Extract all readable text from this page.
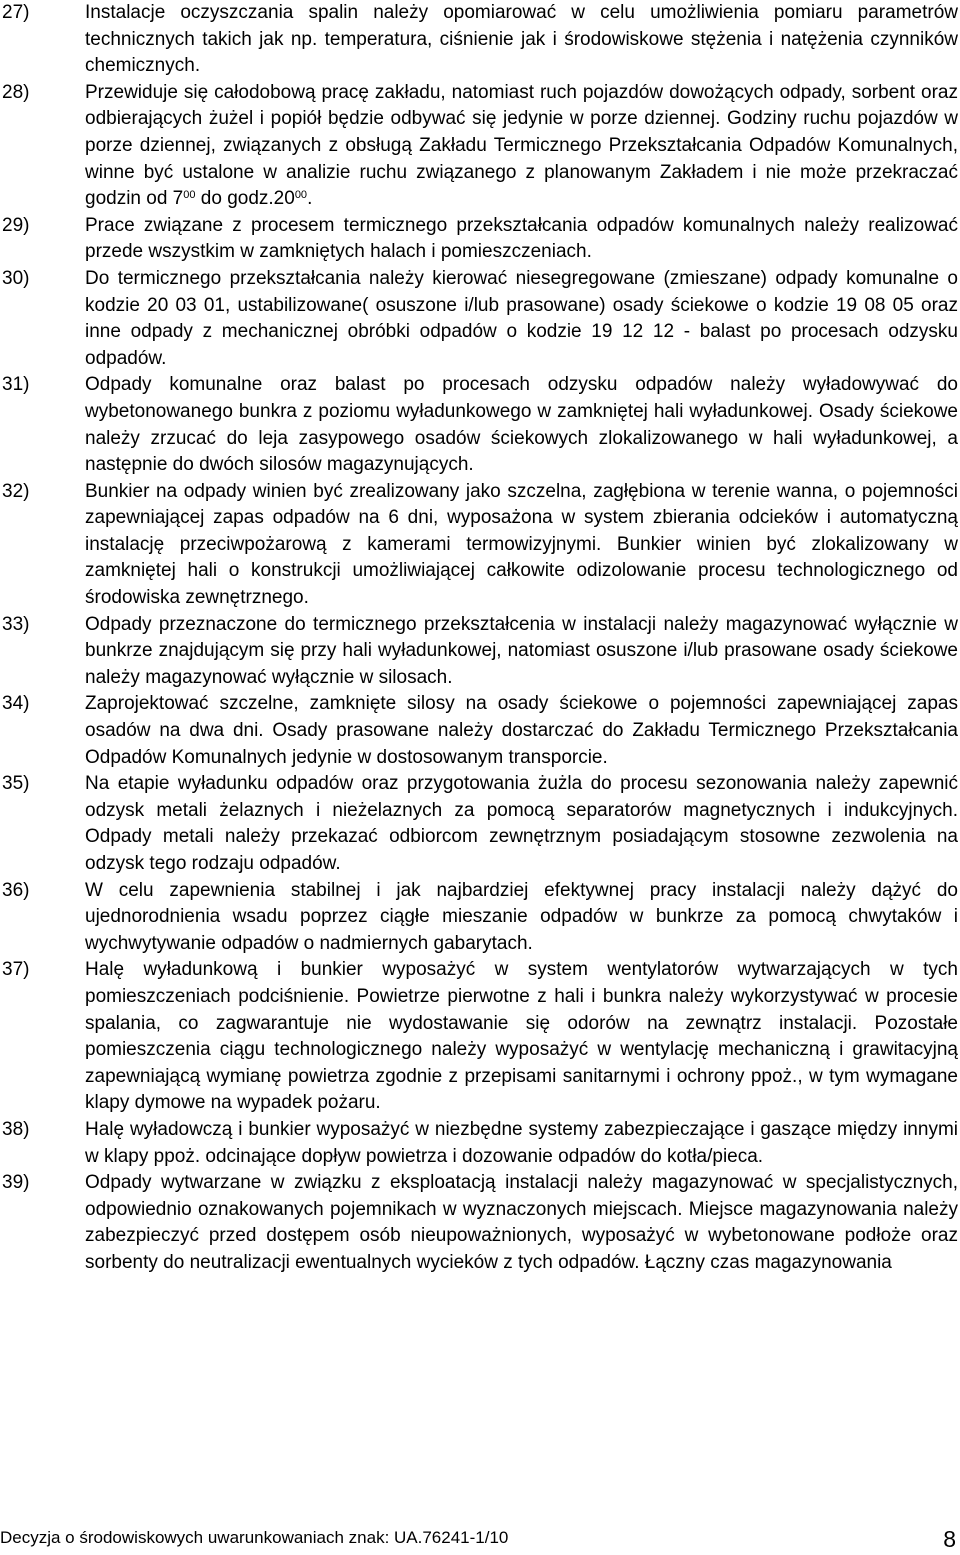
27)	Instalacje oczyszczania spalin należy opomiarować w celu umożliwienia pomiaru parametrów technicznych takich jak np. temperatura, ciśnienie jak i środowiskowe stężenia i natężenia czynników chemicznych.
28)	Przewiduje się całodobową pracę zakładu, natomiast ruch pojazdów dowożących odpady, sorbent oraz odbierających żużel i popiół będzie odbywać się jedynie w porze dziennej. Godziny ruchu pojazdów w porze dziennej, związanych z obsługą Zakładu Termicznego Przekształcania Odpadów Komunalnych, winne być ustalone w analizie ruchu związanego z planowanym Zakładem i nie może przekraczać godzin od $7^{00}$ do $godz.20^{00}$.
29)	Prace związane z procesem termicznego przekształcania odpadów komunalnych należy realizować przede wszystkim w zamkniętych halach i pomieszczeniach.
30)	Do termicznego przekształcania należy kierować niesegregowane (zmieszane) odpady komunalne o kodzie 20 03 01, ustabilizowane( osuszone i/lub prasowane) osady ściekowe o kodzie 19 08 05 oraz inne odpady z mechanicznej obróbki odpadów o kodzie 19 12 12 - balast po procesach odzysku odpadów.
31)	Odpady komunalne oraz balast po procesach odzysku odpadów należy wyładowywać do wybetonowanego bunkra z poziomu wyładunkowego w zamkniętej hali wyładunkowej. Osady ściekowe należy zrzucać do leja zasypowego osadów ściekowych zlokalizowanego w hali wyładunkowej, a następnie do dwóch silosów magazynujących.
32)	Bunkier na odpady winien być zrealizowany jako szczelna, zagłębiona w terenie wanna, o pojemności zapewniającej zapas odpadów na 6 dni, wyposażona w system zbierania odcieków i automatyczną instalację przeciwpożarową z kamerami termowizyjnymi. Bunkier winien być zlokalizowany w zamkniętej hali o konstrukcji umożliwiającej całkowite odizolowanie procesu technologicznego od środowiska zewnętrznego.
33)	Odpady przeznaczone do termicznego przekształcenia w instalacji należy magazynować wyłącznie w bunkrze znajdującym się przy hali wyładunkowej, natomiast osuszone i/lub prasowane osady ściekowe należy magazynować wyłącznie w silosach.
34)	Zaprojektować szczelne, zamknięte silosy na osady ściekowe o pojemności zapewniającej zapas osadów na dwa dni. Osady prasowane należy dostarczać do Zakładu Termicznego Przekształcania Odpadów Komunalnych jedynie w dostosowanym transporcie.
35)	Na etapie wyładunku odpadów oraz przygotowania żużla do procesu sezonowania należy zapewnić odzysk metali żelaznych i nieżelaznych za pomocą separatorów magnetycznych i indukcyjnych. Odpady metali należy przekazać odbiorcom zewnętrznym posiadającym stosowne zezwolenia na odzysk tego rodzaju odpadów.
36)	W celu zapewnienia stabilnej i jak najbardziej efektywnej pracy instalacji należy dążyć do ujednorodnienia wsadu poprzez ciągłe mieszanie odpadów w bunkrze za pomocą chwytaków i wychwytywanie odpadów o nadmiernych gabarytach.
37)	Halę wyładunkową i bunkier wyposażyć w system wentylatorów wytwarzających w tych pomieszczeniach podciśnienie. Powietrze pierwotne z hali i bunkra należy wykorzystywać w procesie spalania, co zagwarantuje nie wydostawanie się odorów na zewnątrz instalacji. Pozostałe pomieszczenia ciągu technologicznego należy wyposażyć w wentylację mechaniczną i grawitacyjną zapewniającą wymianę powietrza zgodnie z przepisami sanitarnymi i ochrony ppoż., w tym wymagane klapy dymowe na wypadek pożaru.
38)	Halę wyładowczą i bunkier wyposażyć w niezbędne systemy zabezpieczające i gaszące między innymi w klapy ppoż. odcinające dopływ powietrza i dozowanie odpadów do kotła/pieca.
39)	Odpady wytwarzane w związku z eksploatacją instalacji należy magazynować w specjalistycznych, odpowiednio oznakowanych pojemnikach w wyznaczonych miejscach. Miejsce magazynowania należy zabezpieczyć przed dostępem osób nieupoważnionych, wyposażyć w wybetonowane podłoże oraz sorbenty do neutralizacji ewentualnych wycieków z tych odpadów. Łączny czas magazynowania
Decyzja o środowiskowych uwarunkowaniach znak: UA.76241-1/10	8
